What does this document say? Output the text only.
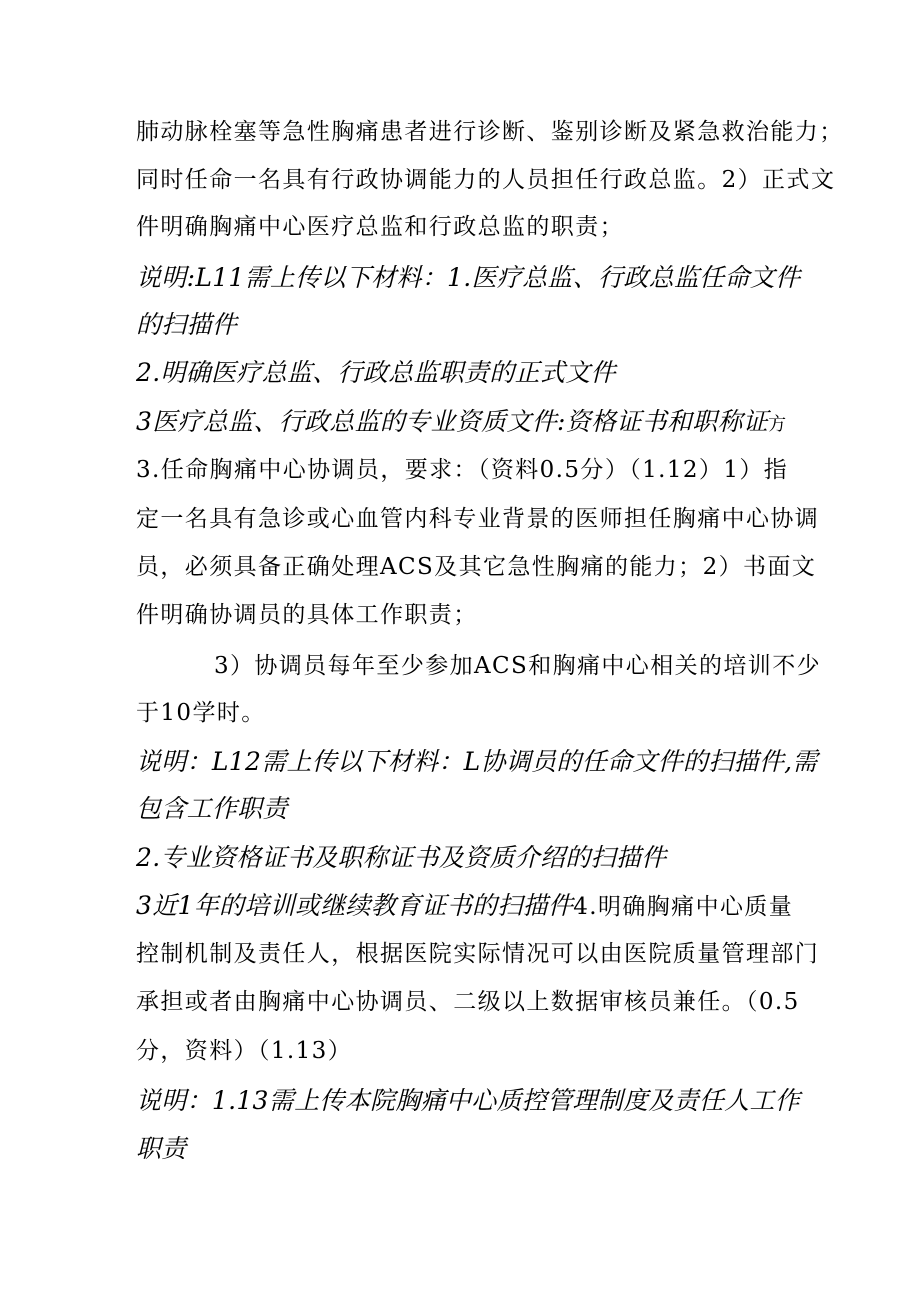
肺动脉栓塞等急性胸痛患者进行诊断、鉴别诊断及紧急救治能力；
同时任命一名具有行政协调能力的人员担任行政总监。2）正式文
件明确胸痛中心医疗总监和行政总监的职责；
说明:L11需上传以下材料：1.医疗总监、行政总监任命文件
的扫描件
2.明确医疗总监、行政总监职责的正式文件
3医疗总监、行政总监的专业资质文件:资格证书和职称证方
3.任命胸痛中心协调员，要求：（资料0.5分）（1.12）1）指
定一名具有急诊或心血管内科专业背景的医师担任胸痛中心协调
员，必须具备正确处理ACS及其它急性胸痛的能力；2）书面文
件明确协调员的具体工作职责；
3）协调员每年至少参加ACS和胸痛中心相关的培训不少
于10学时。
说明：L12需上传以下材料：L协调员的任命文件的扫描件,需
包含工作职责
2.专业资格证书及职称证书及资质介绍的扫描件
3近1年的培训或继续教育证书的扫描件4.明确胸痛中心质量
控制机制及责任人，根据医院实际情况可以由医院质量管理部门
承担或者由胸痛中心协调员、二级以上数据审核员兼任。（0.5
分，资料）（1.13）
说明：1.13需上传本院胸痛中心质控管理制度及责任人工作
职责
